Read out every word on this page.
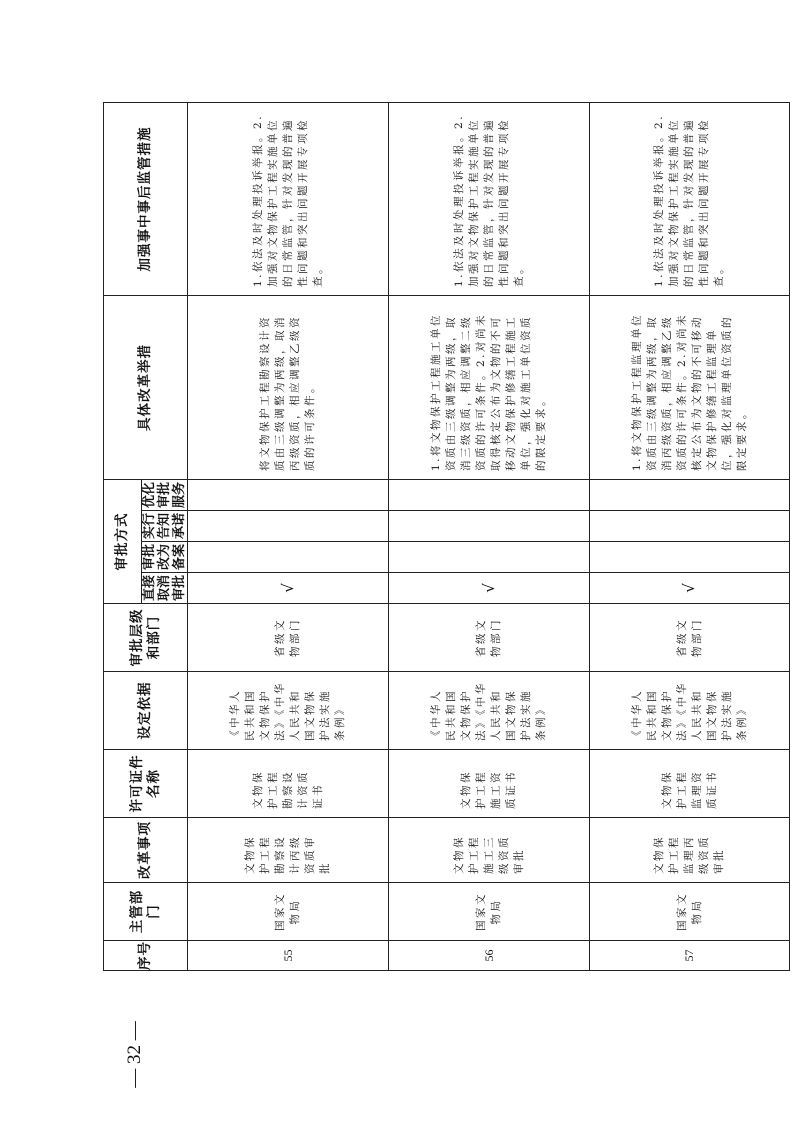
序号	主管部门	改革事项	许可证件名称	设定依据	审批层级和部门	审批方式				具体改革举措	加强事中事后监管措施
						直接取消审批	审批改为备案	实行告知承诺	优化审批服务		
55	国家文物局	文物保护工程勘察设计丙级资质审批	文物保护工程勘察设计资质证书	《中华人民共和国文物保护法》《中华人民共和国文物保护法实施条例》	省级文物部门	√				将文物保护工程勘察设计资质由三级调整为两级，取消丙级资质，相应调整乙级资质的许可条件。	1.依法及时处理投诉举报。2.加强对文物保护工程实施单位的日常监管，针对发现的普遍性问题和突出问题开展专项检查。

56	国家文物局	文物保护工程施工三级资质审批	文物保护工程施工资质证书	《中华人民共和国文物保护法》《中华人民共和国文物保护法实施条例》	省级文物部门	√				1.将文物保护工程施工单位资质由三级调整为两级，取消三级资质，相应调整二级资质的许可条件。2.对尚未取得核定公布为文物的不可移动文物保护修缮工程施工单位，强化对施工单位资质的限定要求。	1.依法及时处理投诉举报。2.加强对文物保护工程实施单位的日常监管，针对发现的普遍性问题和突出问题开展专项检查。

57	国家文物局	文物保护工程监理丙级资质审批	文物保护工程监理资质证书	《中华人民共和国文物保护法》《中华人民共和国文物保护法实施条例》	省级文物部门	√				1.将文物保护工程监理单位资质由三级调整为两级，取消丙级资质，相应调整乙级资质的许可条件。2.对尚未核定公布为文物的不可移动文物保护修缮工程监理单位，强化对监理单位资质的限定要求。	1.依法及时处理投诉举报。2.加强对文物保护工程实施单位的日常监管，针对发现的普遍性问题和突出问题开展专项检查。
— 32 —
